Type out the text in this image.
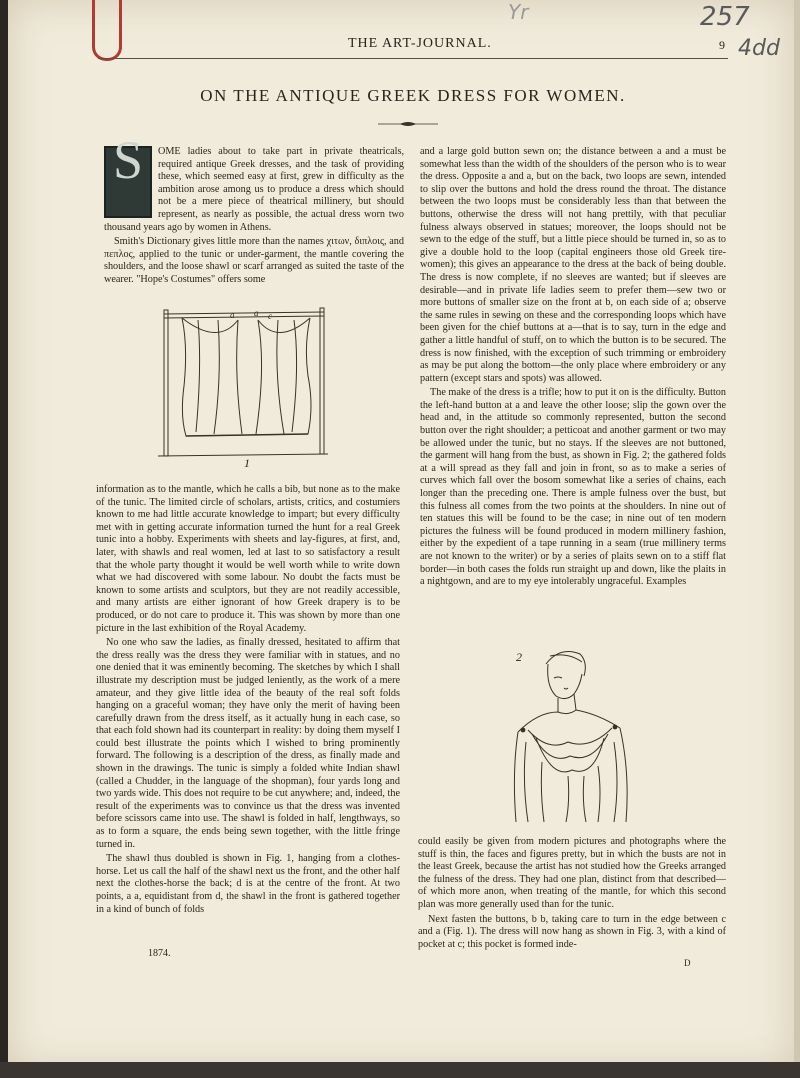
Yr	257
4dd
THE ART-JOURNAL.	9
ON THE ANTIQUE GREEK DRESS FOR WOMEN.
S	OME ladies about to take part in private theatricals, required antique Greek dresses, and the task of providing these, which seemed easy at first, grew in difficulty as the ambition arose among us to produce a dress which should not be a mere piece of theatrical millinery, but should represent, as nearly as possible, the actual dress worn two thousand years ago by women in Athens.

Smith's Dictionary gives little more than the names χιτων, διπλοις, and πεπλος, applied to the tunic or under-garment, the mantle covering the shoulders, and the loose shawl or scarf arranged as suited the taste of the wearer. "Hope's Costumes" offers some

a a c
1

information as to the mantle, which he calls a bib, but none as to the make of the tunic. The limited circle of scholars, artists, critics, and costumiers known to me had little accurate knowledge to impart; but every difficulty met with in getting accurate information turned the hunt for a real Greek tunic into a hobby. Experiments with sheets and lay-figures, at first, and, later, with shawls and real women, led at last to so satisfactory a result that the whole party thought it would be well worth while to write down what we had discovered with some labour. No doubt the facts must be known to some artists and sculptors, but they are not readily accessible, and many artists are either ignorant of how Greek drapery is to be produced, or do not care to produce it. This was shown by more than one picture in the last exhibition of the Royal Academy.

No one who saw the ladies, as finally dressed, hesitated to affirm that the dress really was the dress they were familiar with in statues, and no one denied that it was eminently becoming. The sketches by which I shall illustrate my description must be judged leniently, as the work of a mere amateur, and they give little idea of the beauty of the real soft folds hanging on a graceful woman; they have only the merit of having been carefully drawn from the dress itself, as it actually hung in each case, so that each fold shown had its counterpart in reality: by doing them myself I could best illustrate the points which I wished to bring prominently forward. The following is a description of the dress, as finally made and shown in the drawings. The tunic is simply a folded white Indian shawl (called a Chudder, in the language of the shopman), four yards long and two yards wide. This does not require to be cut anywhere; and, indeed, the result of the experiments was to convince us that the dress was invented before scissors came into use. The shawl is folded in half, lengthways, so as to form a square, the ends being sewn together, with the little fringe turned in.

The shawl thus doubled is shown in Fig. 1, hanging from a clothes-horse. Let us call the half of the shawl next us the front, and the other half next the clothes-horse the back; d is at the centre of the front. At two points, a a, equidistant from d, the shawl in the front is gathered together in a kind of bunch of folds

1874.

and a large gold button sewn on; the distance between a and a must be somewhat less than the width of the shoulders of the person who is to wear the dress. Opposite a and a, but on the back, two loops are sewn, intended to slip over the buttons and hold the dress round the throat. The distance between the two loops must be considerably less than that between the buttons, otherwise the dress will not hang prettily, with that peculiar fulness always observed in statues; moreover, the loops should not be sewn to the edge of the stuff, but a little piece should be turned in, so as to give a double hold to the loop (capital engineers those old Greek tire-women); this gives an appearance to the dress at the back of being double. The dress is now complete, if no sleeves are wanted; but if sleeves are desirable—and in private life ladies seem to prefer them—sew two or more buttons of smaller size on the front at b, on each side of a; observe the same rules in sewing on these and the corresponding loops which have been given for the chief buttons at a—that is to say, turn in the edge and gather a little handful of stuff, on to which the button is to be secured. The dress is now finished, with the exception of such trimming or embroidery as may be put along the bottom—the only place where embroidery or any pattern (except stars and spots) was allowed.

The make of the dress is a trifle; how to put it on is the difficulty. Button the left-hand button at a and leave the other loose; slip the gown over the head and, in the attitude so commonly represented, button the second button over the right shoulder; a petticoat and another garment or two may be allowed under the tunic, but no stays. If the sleeves are not buttoned, the garment will hang from the bust, as shown in Fig. 2; the gathered folds at a will spread as they fall and join in front, so as to make a series of curves which fall over the bosom somewhat like a series of chains, each longer than the preceding one. There is ample fulness over the bust, but this fulness all comes from the two points at the shoulders. In nine out of ten statues this will be found to be the case; in nine out of ten modern pictures the fulness will be found produced in modern millinery fashion, either by the expedient of a tape running in a seam (true millinery terms are not known to the writer) or by a series of plaits sewn on to a stiff flat border—in both cases the folds run straight up and down, like the plaits in a nightgown, and are to my eye intolerably ungraceful. Examples

2

could easily be given from modern pictures and photographs where the stuff is thin, the faces and figures pretty, but in which the busts are not in the least Greek, because the artist has not studied how the Greeks arranged the fulness of the dress. They had one plan, distinct from that described—of which more anon, when treating of the mantle, for which this second plan was more generally used than for the tunic.

Next fasten the buttons, b b, taking care to turn in the edge between c and a (Fig. 1). The dress will now hang as shown in Fig. 3, with a kind of pocket at c; this pocket is formed inde-

D
